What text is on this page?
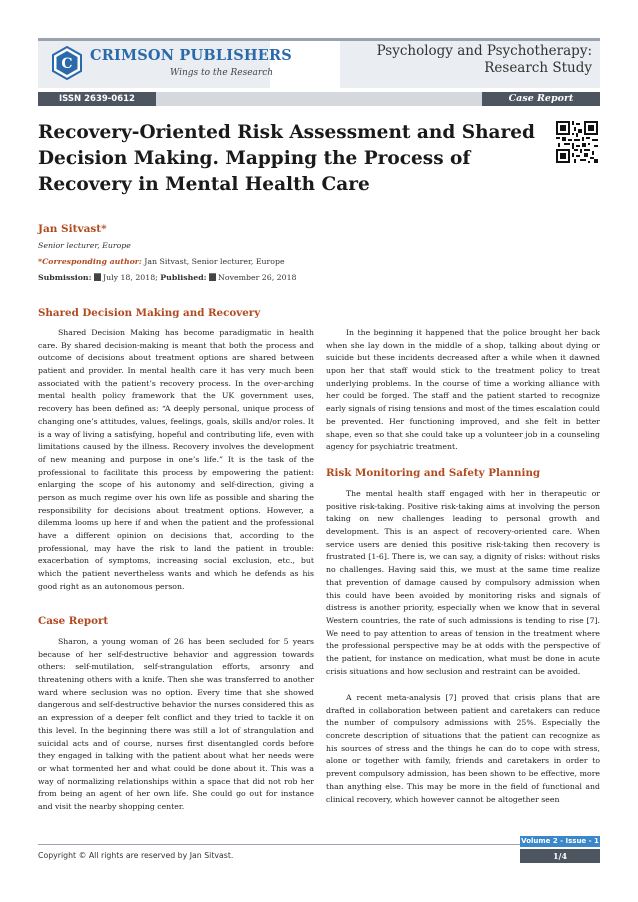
C CRIMSON PUBLISHERS
Wings to the Research
Psychology and Psychotherapy:
Research Study
ISSN 2639-0612	Case Report
Recovery-Oriented Risk Assessment and Shared Decision Making. Mapping the Process of Recovery in Mental Health Care
Jan Sitvast*
Senior lecturer, Europe
*Corresponding author: Jan Sitvast, Senior lecturer, Europe
Submission: July 18, 2018; Published: November 26, 2018
Shared Decision Making and Recovery

Shared Decision Making has become paradigmatic in health care. By shared decision-making is meant that both the process and outcome of decisions about treatment options are shared between patient and provider. In mental health care it has very much been associated with the patient’s recovery process. In the over-arching mental health policy framework that the UK government uses, recovery has been defined as: “A deeply personal, unique process of changing one’s attitudes, values, feelings, goals, skills and/or roles. It is a way of living a satisfying, hopeful and contributing life, even with limitations caused by the illness. Recovery involves the development of new meaning and purpose in one’s life.” It is the task of the professional to facilitate this process by empowering the patient: enlarging the scope of his autonomy and self-direction, giving a person as much regime over his own life as possible and sharing the responsibility for decisions about treatment options. However, a dilemma looms up here if and when the patient and the professional have a different opinion on decisions that, according to the professional, may have the risk to land the patient in trouble: exacerbation of symptoms, increasing social exclusion, etc., but which the patient nevertheless wants and which he defends as his good right as an autonomous person.

Case Report

Sharon, a young woman of 26 has been secluded for 5 years because of her self-destructive behavior and aggression towards others: self-mutilation, self-strangulation efforts, arsonry and threatening others with a knife. Then she was transferred to another ward where seclusion was no option. Every time that she showed dangerous and self-destructive behavior the nurses considered this as an expression of a deeper felt conflict and they tried to tackle it on this level. In the beginning there was still a lot of strangulation and suicidal acts and of course, nurses first disentangled cords before they engaged in talking with the patient about what her needs were or what tormented her and what could be done about it. This was a way of normalizing relationships within a space that did not rob her from being an agent of her own life. She could go out for instance and visit the nearby shopping center.

In the beginning it happened that the police brought her back when she lay down in the middle of a shop, talking about dying or suicide but these incidents decreased after a while when it dawned upon her that staff would stick to the treatment policy to treat underlying problems. In the course of time a working alliance with her could be forged. The staff and the patient started to recognize early signals of rising tensions and most of the times escalation could be prevented. Her functioning improved, and she felt in better shape, even so that she could take up a volunteer job in a counseling agency for psychiatric treatment.

Risk Monitoring and Safety Planning

The mental health staff engaged with her in therapeutic or positive risk-taking. Positive risk-taking aims at involving the person taking on new challenges leading to personal growth and development. This is an aspect of recovery-oriented care. When service users are denied this positive risk-taking then recovery is frustrated [1-6]. There is, we can say, a dignity of risks: without risks no challenges. Having said this, we must at the same time realize that prevention of damage caused by compulsory admission when this could have been avoided by monitoring risks and signals of distress is another priority, especially when we know that in several Western countries, the rate of such admissions is tending to rise [7]. We need to pay attention to areas of tension in the treatment where the professional perspective may be at odds with the perspective of the patient, for instance on medication, what must be done in acute crisis situations and how seclusion and restraint can be avoided.

A recent meta-analysis [7] proved that crisis plans that are drafted in collaboration between patient and caretakers can reduce the number of compulsory admissions with 25%. Especially the concrete description of situations that the patient can recognize as his sources of stress and the things he can do to cope with stress, alone or together with family, friends and caretakers in order to prevent compulsory admission, has been shown to be effective, more than anything else. This may be more in the field of functional and clinical recovery, which however cannot be altogether seen

Volume 2 - Issue - 1
Copyright © All rights are reserved by Jan Sitvast.	1/4
